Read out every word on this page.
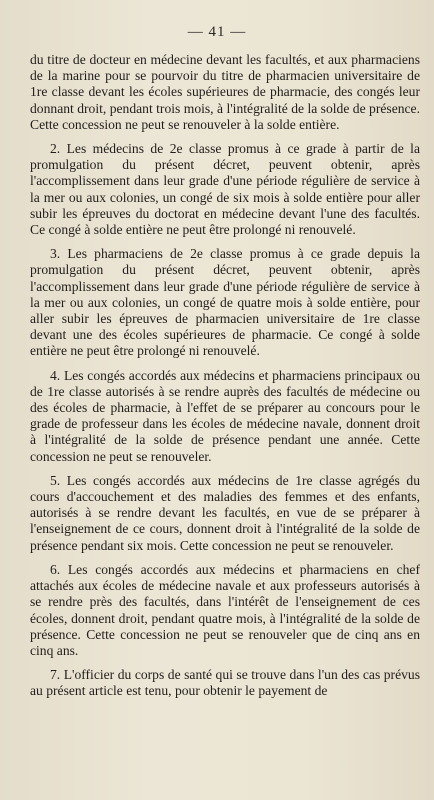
— 41 —

du titre de docteur en médecine devant les facultés, et aux pharmaciens de la marine pour se pourvoir du titre de pharmacien universitaire de 1re classe devant les écoles supérieures de pharmacie, des congés leur donnant droit, pendant trois mois, à l'intégralité de la solde de présence. Cette concession ne peut se renouveler à la solde entière.

2. Les médecins de 2e classe promus à ce grade à partir de la promulgation du présent décret, peuvent obtenir, après l'accomplissement dans leur grade d'une période régulière de service à la mer ou aux colonies, un congé de six mois à solde entière pour aller subir les épreuves du doctorat en médecine devant l'une des facultés. Ce congé à solde entière ne peut être prolongé ni renouvelé.

3. Les pharmaciens de 2e classe promus à ce grade depuis la promulgation du présent décret, peuvent obtenir, après l'accomplissement dans leur grade d'une période régulière de service à la mer ou aux colonies, un congé de quatre mois à solde entière, pour aller subir les épreuves de pharmacien universitaire de 1re classe devant une des écoles supérieures de pharmacie. Ce congé à solde entière ne peut être prolongé ni renouvelé.

4. Les congés accordés aux médecins et pharmaciens principaux ou de 1re classe autorisés à se rendre auprès des facultés de médecine ou des écoles de pharmacie, à l'effet de se préparer au concours pour le grade de professeur dans les écoles de médecine navale, donnent droit à l'intégralité de la solde de présence pendant une année. Cette concession ne peut se renouveler.

5. Les congés accordés aux médecins de 1re classe agrégés du cours d'accouchement et des maladies des femmes et des enfants, autorisés à se rendre devant les facultés, en vue de se préparer à l'enseignement de ce cours, donnent droit à l'intégralité de la solde de présence pendant six mois. Cette concession ne peut se renouveler.

6. Les congés accordés aux médecins et pharmaciens en chef attachés aux écoles de médecine navale et aux professeurs autorisés à se rendre près des facultés, dans l'intérêt de l'enseignement de ces écoles, donnent droit, pendant quatre mois, à l'intégralité de la solde de présence. Cette concession ne peut se renouveler que de cinq ans en cinq ans.

7. L'officier du corps de santé qui se trouve dans l'un des cas prévus au présent article est tenu, pour obtenir le payement de
